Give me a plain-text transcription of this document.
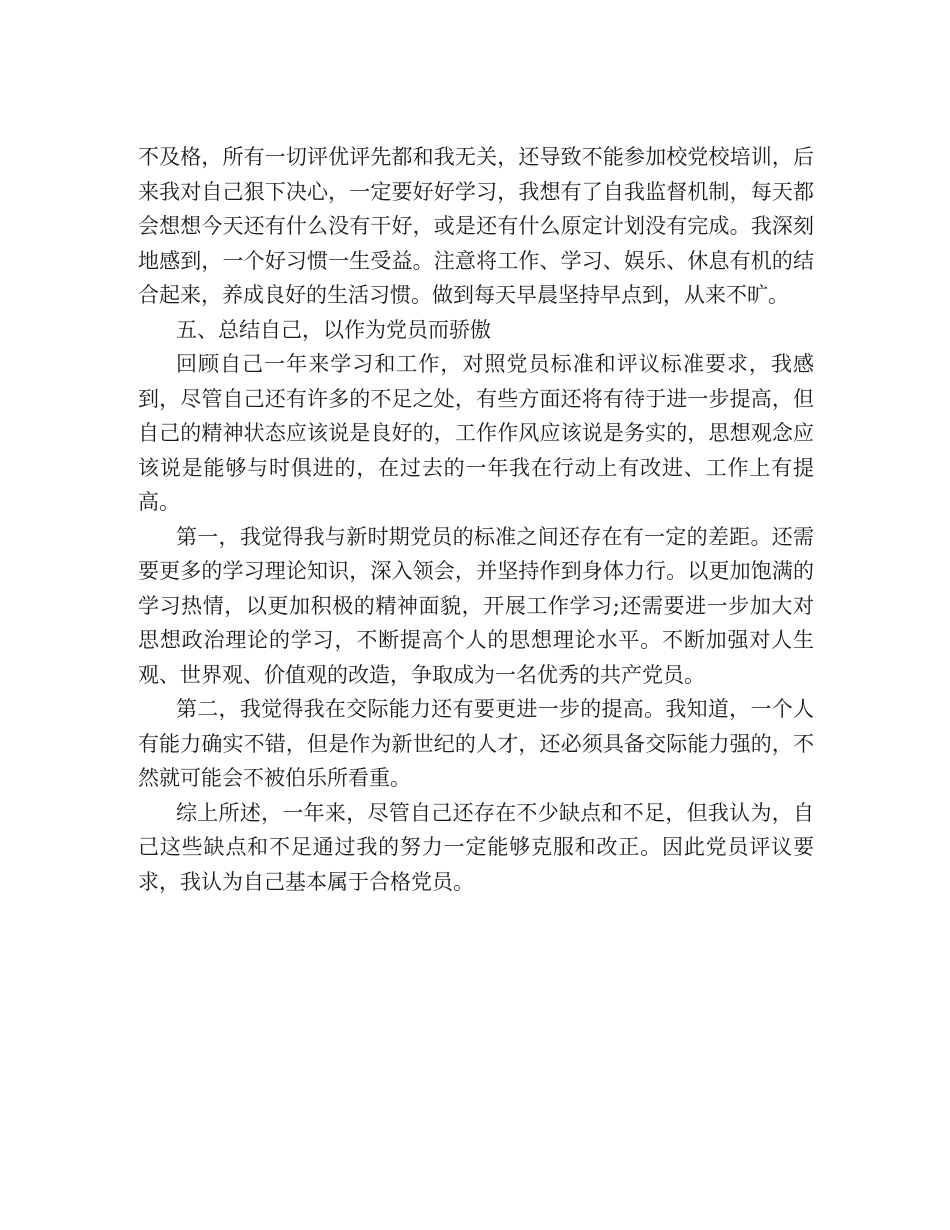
不及格，所有一切评优评先都和我无关，还导致不能参加校党校培训，后来我对自己狠下决心，一定要好好学习，我想有了自我监督机制，每天都会想想今天还有什么没有干好，或是还有什么原定计划没有完成。我深刻地感到，一个好习惯一生受益。注意将工作、学习、娱乐、休息有机的结合起来，养成良好的生活习惯。做到每天早晨坚持早点到，从来不旷。

五、总结自己，以作为党员而骄傲

回顾自己一年来学习和工作，对照党员标准和评议标准要求，我感到，尽管自己还有许多的不足之处，有些方面还将有待于进一步提高，但自己的精神状态应该说是良好的，工作作风应该说是务实的，思想观念应该说是能够与时俱进的，在过去的一年我在行动上有改进、工作上有提高。

第一，我觉得我与新时期党员的标准之间还存在有一定的差距。还需要更多的学习理论知识，深入领会，并坚持作到身体力行。以更加饱满的学习热情，以更加积极的精神面貌，开展工作学习;还需要进一步加大对思想政治理论的学习，不断提高个人的思想理论水平。不断加强对人生观、世界观、价值观的改造，争取成为一名优秀的共产党员。

第二，我觉得我在交际能力还有要更进一步的提高。我知道，一个人有能力确实不错，但是作为新世纪的人才，还必须具备交际能力强的，不然就可能会不被伯乐所看重。

综上所述，一年来，尽管自己还存在不少缺点和不足，但我认为，自己这些缺点和不足通过我的努力一定能够克服和改正。因此党员评议要求，我认为自己基本属于合格党员。
